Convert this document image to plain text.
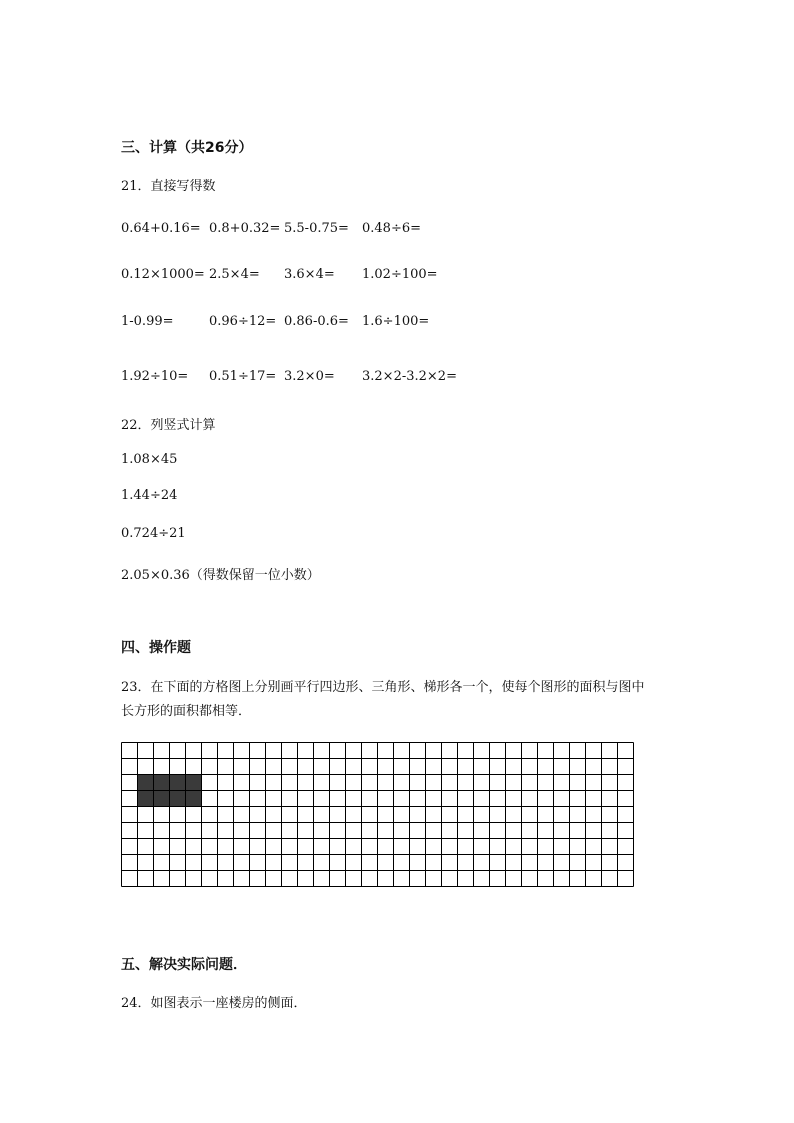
三、计算（共26分）
21．直接写得数
0.64+0.16= 0.8+0.32= 5.5-0.75= 0.48÷6=
0.12×1000= 2.5×4= 3.6×4= 1.02÷100=
1-0.99=	0.96÷12= 0.86-0.6= 1.6÷100=
1.92÷10= 0.51÷17= 3.2×0= 3.2×2-3.2×2=
22．列竖式计算
1.08×45
1.44÷24
0.724÷21
2.05×0.36（得数保留一位小数）
四、操作题
23．在下面的方格图上分别画平行四边形、三角形、梯形各一个，使每个图形的面积与图中
长方形的面积都相等．
五、解决实际问题．
24．如图表示一座楼房的侧面．
